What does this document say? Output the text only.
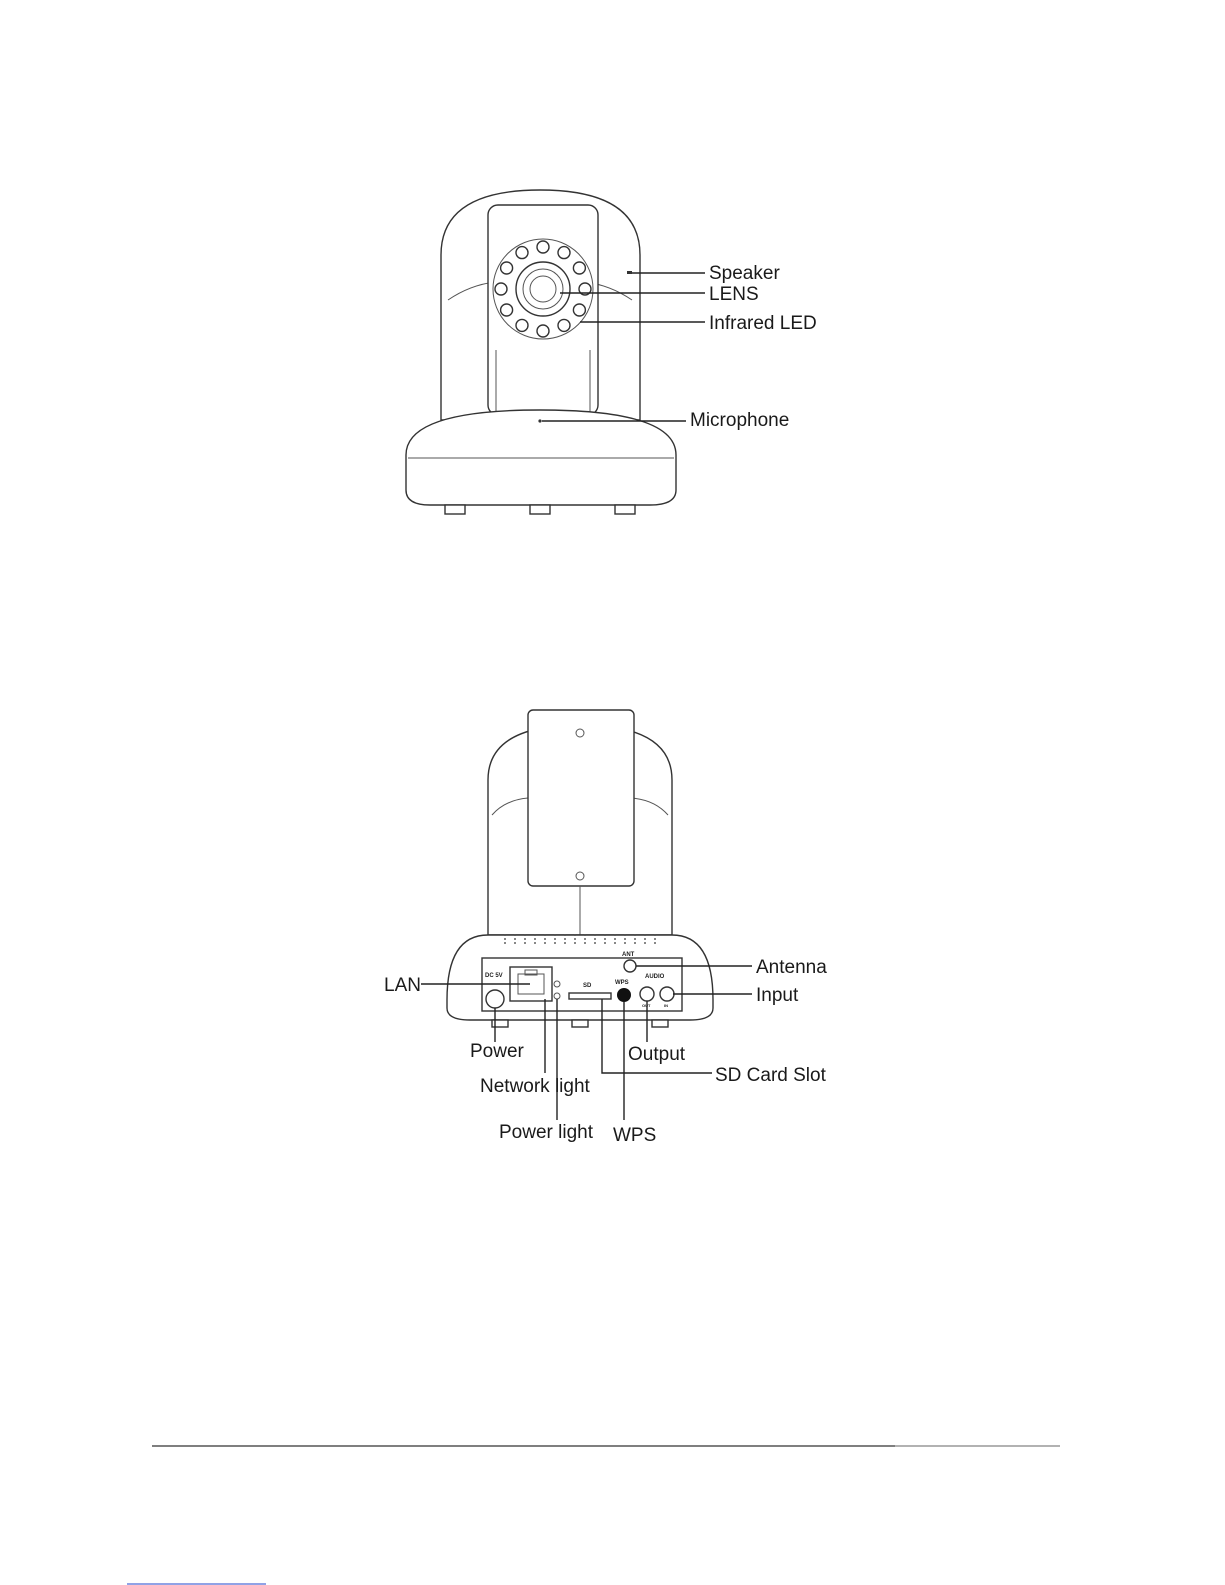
Speaker
LENS
Infrared LED
Microphone
DC 5V
SD	WPS
ANT
AUDIO
OUT	IN
LAN
Power
Network light
Power light WPS
SD Card Slot
Output
Input
Antenna
